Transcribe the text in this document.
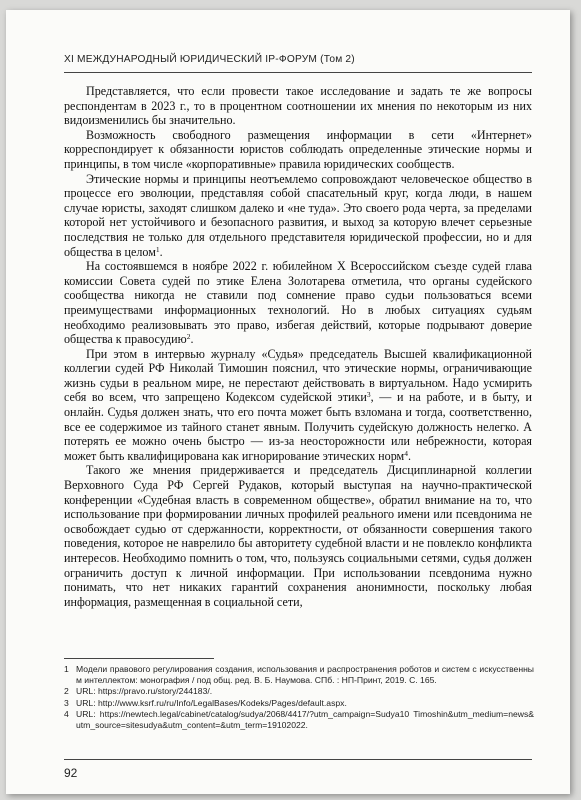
XI МЕЖДУНАРОДНЫЙ ЮРИДИЧЕСКИЙ IP-ФОРУМ (Том 2)

Представляется, что если провести такое исследование и задать те же вопросы респондентам в 2023 г., то в процентном соотношении их мнения по некоторым из них видоизменились бы значительно.

Возможность свободного размещения информации в сети «Интернет» корреспондирует к обязанности юристов соблюдать определенные этические нормы и принципы, в том числе «корпоративные» правила юридических сообществ.

Этические нормы и принципы неотъемлемо сопровождают человеческое общество в процессе его эволюции, представляя собой спасательный круг, когда люди, в нашем случае юристы, заходят слишком далеко и «не туда». Это своего рода черта, за пределами которой нет устойчивого и безопасного развития, и выход за которую влечет серьезные последствия не только для отдельного представителя юридической профессии, но и для общества в целом$^1$.

На состоявшемся в ноябре 2022 г. юбилейном X Всероссийском съезде судей глава комиссии Совета судей по этике Елена Золотарева отметила, что органы судейского сообщества никогда не ставили под сомнение право судьи пользоваться всеми преимуществами информационных технологий. Но в любых ситуациях судьям необходимо реализовывать это право, избегая действий, которые подрывают доверие общества к правосудию$^2$.

При этом в интервью журналу «Судья» председатель Высшей квалификационной коллегии судей РФ Николай Тимошин пояснил, что этические нормы, ограничивающие жизнь судьи в реальном мире, не перестают действовать в виртуальном. Надо усмирить себя во всем, что запрещено Кодексом судейской этики$^3$, — и на работе, и в быту, и онлайн. Судья должен знать, что его почта может быть взломана и тогда, соответственно, все ее содержимое из тайного станет явным. Получить судейскую должность нелегко. А потерять ее можно очень быстро — из-за неосторожности или небрежности, которая может быть квалифицирована как игнорирование этических норм$^4$.

Такого же мнения придерживается и председатель Дисциплинарной коллегии Верховного Суда РФ Сергей Рудаков, который выступая на научно-практической конференции «Судебная власть в современном обществе», обратил внимание на то, что использование при формировании личных профилей реального имени или псевдонима не освобождает судью от сдержанности, корректности, от обязанности совершения такого поведения, которое не наврелило бы авторитету судебной власти и не повлекло конфликта интересов. Необходимо помнить о том, что, пользуясь социальными сетями, судья должен ограничить доступ к личной информации. При использовании псевдонима нужно понимать, что нет никаких гарантий сохранения анонимности, поскольку любая информация, размещенная в социальной сети,

1 Модели правового регулирования создания, использования и распространения роботов и систем с искусственным интеллектом: монография / под общ. ред. В. Б. Наумова. СПб. : НП-Принт, 2019. С. 165.
2 URL: https://pravo.ru/story/244183/.
3 URL: http://www.ksrf.ru/ru/Info/LegalBases/Kodeks/Pages/default.aspx.
4 URL: https://newtech.legal/cabinet/catalog/sudya/2068/4417/?utm_campaign=Sudya10 Timoshin&utm_medium=news&utm_source=sitesudya&utm_content=&utm_term=19102022.
92
